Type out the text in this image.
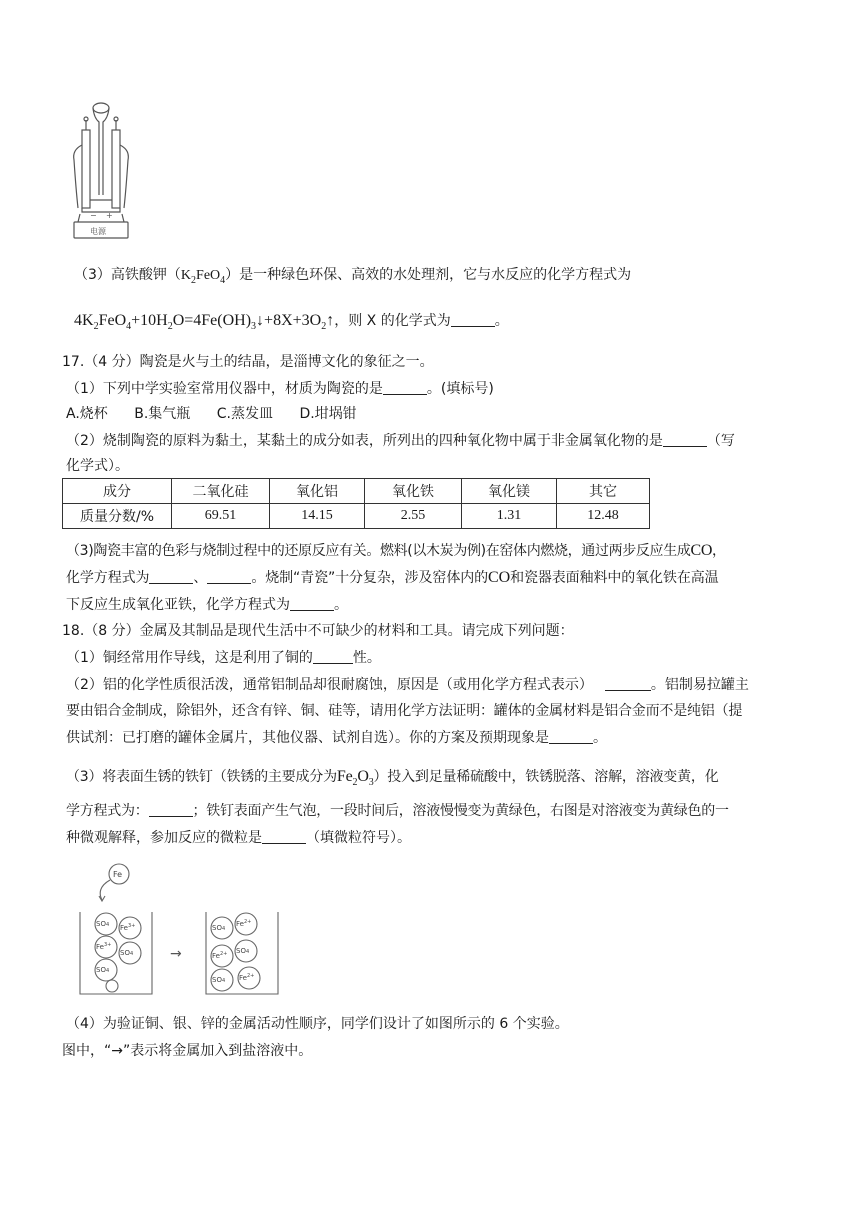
− +
电源
（3）高铁酸钾$(K_2FeO_4)$是一种绿色环保、高效的水处理剂，它与水反应的化学方程式为
$4K_2FeO_4+10H_2O=4Fe(OH)_3↓+8X+3O_2↑$，则 X 的化学式为	。
17.（4 分）陶瓷是火与土的结晶，是淄博文化的象征之一。
（1）下列中学实验室常用仪器中，材质为陶瓷的是	。(填标号)
A.烧杯 B.集气瓶 C.蒸发皿 D.坩埚钳
（2）烧制陶瓷的原料为黏土，某黏土的成分如表，所列出的四种氧化物中属于非金属氧化物的是	（写
化学式）。
成分	二氧化硅	氧化铝	氧化铁	氧化镁	其它
质量分数/%	69.51	14.15	2.55	1.31	12.48
（3)陶瓷丰富的色彩与烧制过程中的还原反应有关。燃料(以木炭为例)在窑体内燃烧，通过两步反应生成CO，
化学方程式为	、	。烧制“青瓷”十分复杂，涉及窑体内的CO和瓷器表面釉料中的氧化铁在高温
下反应生成氧化亚铁，化学方程式为	。
18.（8 分）金属及其制品是现代生活中不可缺少的材料和工具。请完成下列问题：
（1）铜经常用作导线，这是利用了铜的	性。
（2）铝的化学性质很活泼，通常铝制品却很耐腐蚀，原因是（或用化学方程式表示）	。铝制易拉罐主
要由铝合金制成，除铝外，还含有锌、铜、硅等，请用化学方法证明：罐体的金属材料是铝合金而不是纯铝（提
供试剂：已打磨的罐体金属片，其他仪器、试剂自选）。你的方案及预期现象是	。
（3）将表面生锈的铁钉（铁锈的主要成分为$Fe_2O_3$）投入到足量稀硫酸中，铁锈脱落、溶解，溶液变黄，化
学方程式为：	；铁钉表面产生气泡，一段时间后，溶液慢慢变为黄绿色，右图是对溶液变为黄绿色的一
种微观解释，参加反应的微粒是	（填微粒符号）。
→
Fe
SO4 $Fe^{3+}$
$Fe^{3+}$
SO4
SO4
SO4
$Fe^{2+}$
$Fe^{2+}$ SO4
SO4 $Fe^{2+}$
（4）为验证铜、银、锌的金属活动性顺序，同学们设计了如图所示的 6 个实验。
图中，“→”表示将金属加入到盐溶液中。
